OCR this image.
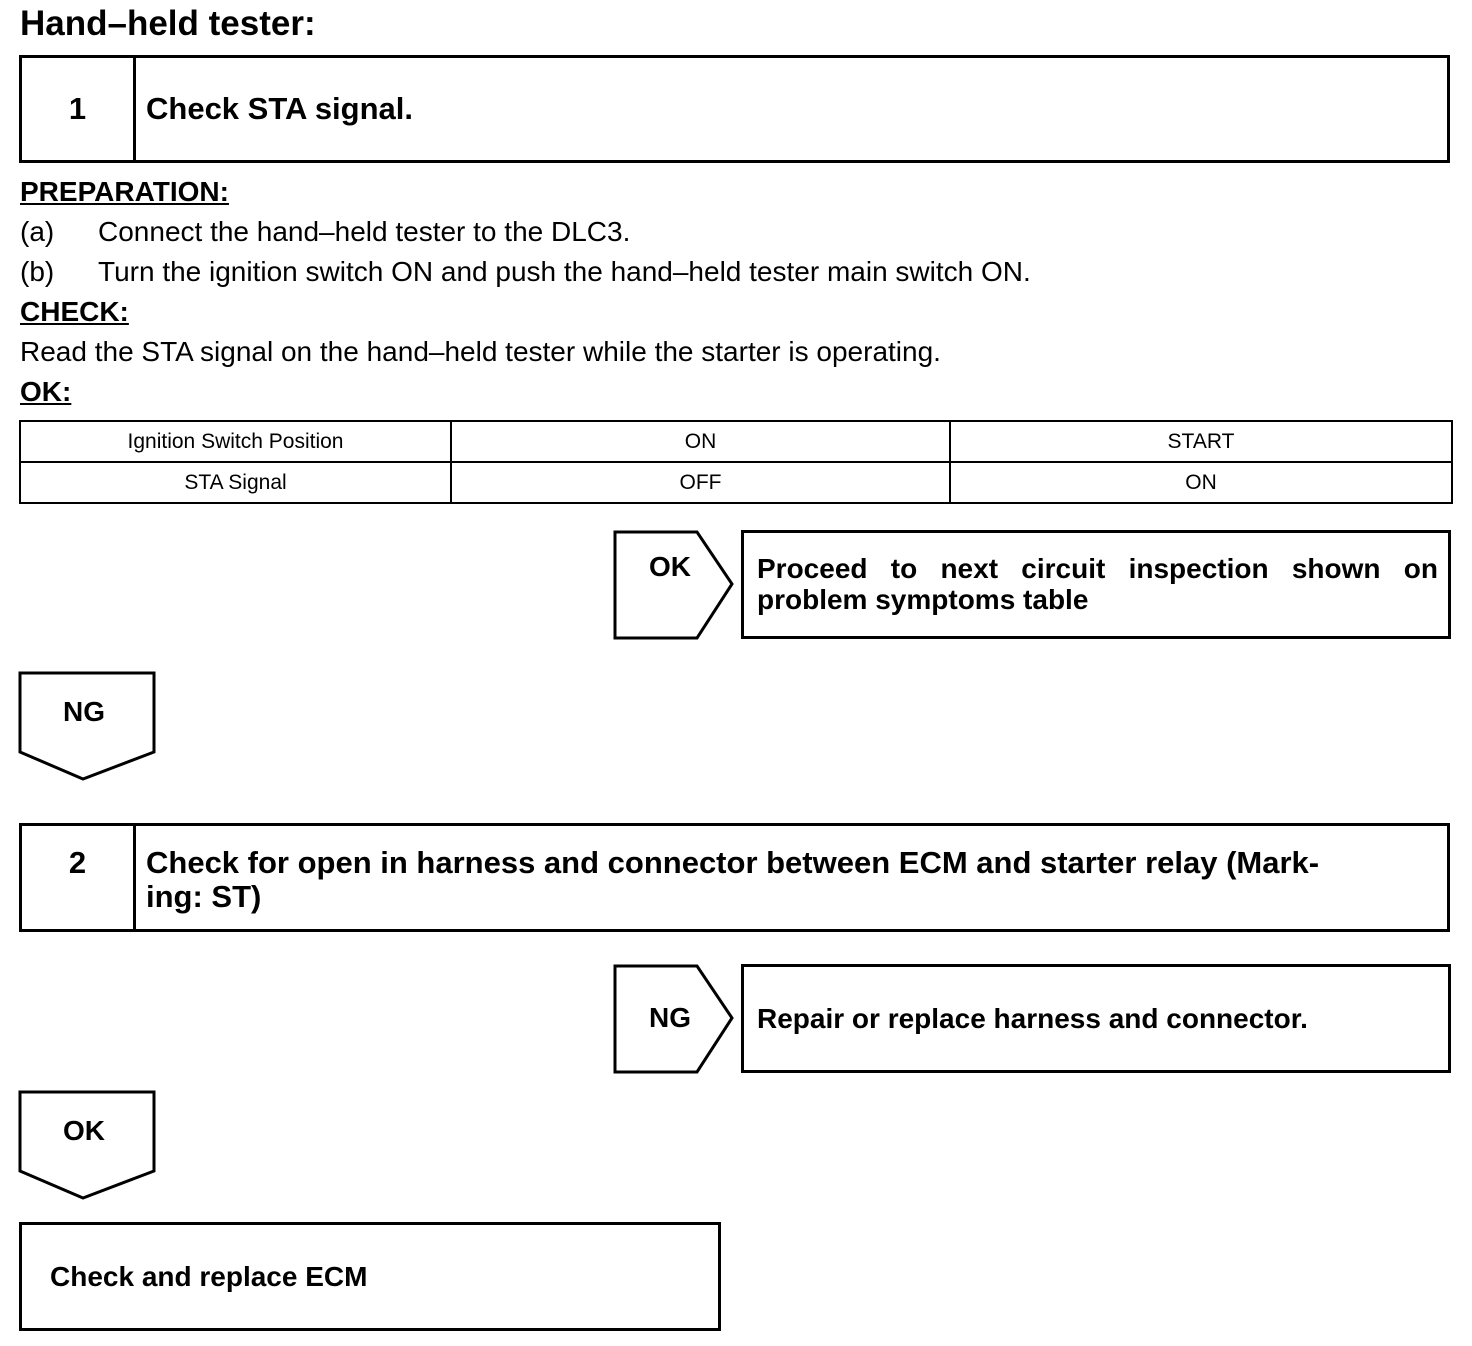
Hand–held tester:
1	Check STA signal.
PREPARATION:
(a) Connect the hand–held tester to the DLC3.
(b) Turn the ignition switch ON and push the hand–held tester main switch ON.
CHECK:
Read the STA signal on the hand–held tester while the starter is operating.
OK:
Ignition Switch Position	ON	START
STA Signal	OFF	ON
OK	Proceed to next circuit inspection shown on
problem symptoms table
NG
2	Check for open in harness and connector between ECM and starter relay (Mark-
ing: ST)
NG	Repair or replace harness and connector.
OK
Check and replace ECM
